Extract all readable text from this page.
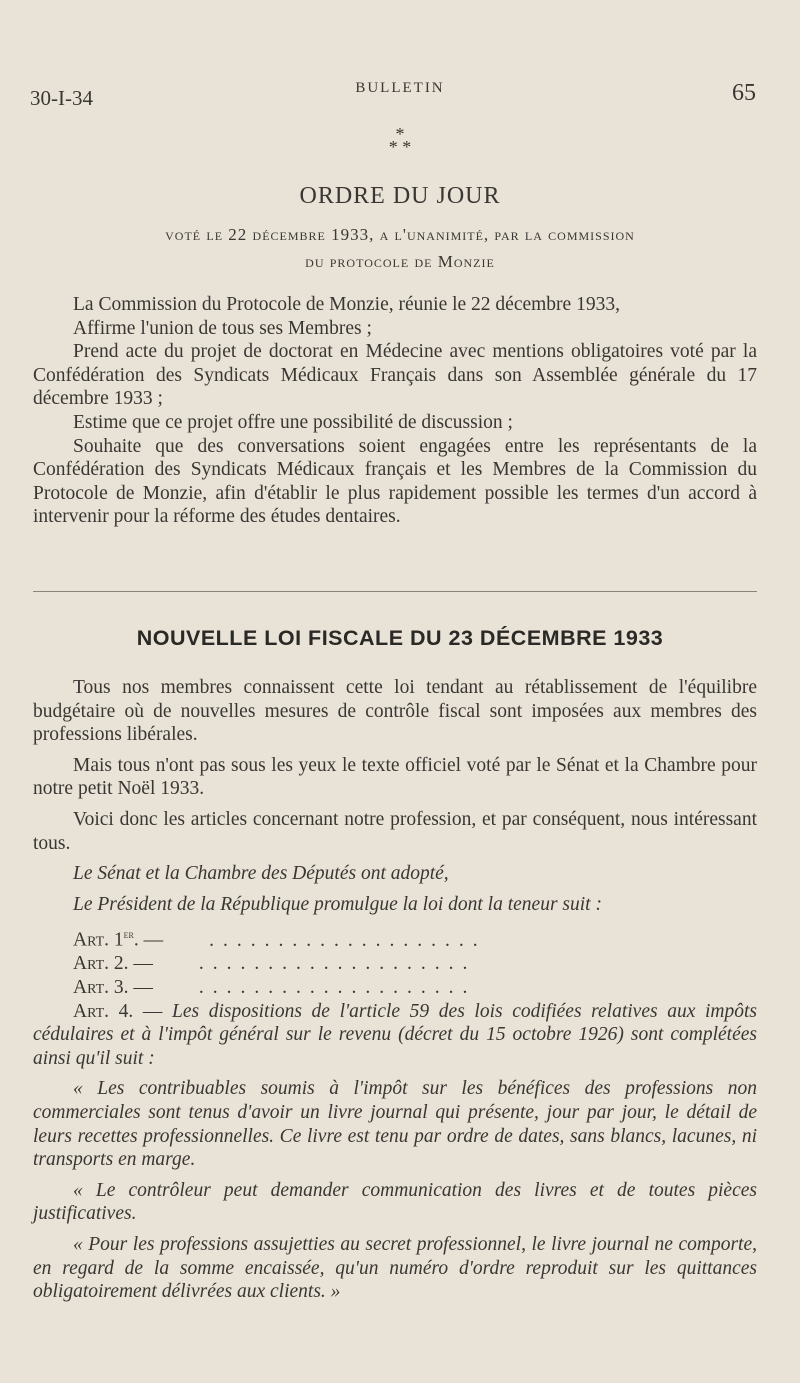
30-I-34	BULLETIN	65
*
* *
ORDRE DU JOUR
voté le 22 décembre 1933, a l'unanimité, par la commission
du protocole de Monzie

La Commission du Protocole de Monzie, réunie le 22 décembre 1933,

Affirme l'union de tous ses Membres ;

Prend acte du projet de doctorat en Médecine avec mentions obligatoires voté par la Confédération des Syndicats Médicaux Français dans son Assemblée générale du 17 décembre 1933 ;

Estime que ce projet offre une possibilité de discussion ;

Souhaite que des conversations soient engagées entre les représentants de la Confédération des Syndicats Médicaux français et les Membres de la Commission du Protocole de Monzie, afin d'établir le plus rapidement possible les termes d'un accord à intervenir pour la réforme des études dentaires.

NOUVELLE LOI FISCALE DU 23 DÉCEMBRE 1933

Tous nos membres connaissent cette loi tendant au rétablissement de l'équilibre budgétaire où de nouvelles mesures de contrôle fiscal sont imposées aux membres des professions libérales.

Mais tous n'ont pas sous les yeux le texte officiel voté par le Sénat et la Chambre pour notre petit Noël 1933.

Voici donc les articles concernant notre profession, et par conséquent, nous intéressant tous.

Le Sénat et la Chambre des Députés ont adopté,

Le Président de la République promulgue la loi dont la teneur suit :

Art. 1er. —	....................
Art. 2. —	....................
Art. 3. —	....................

Art. 4. — Les dispositions de l'article 59 des lois codifiées relatives aux impôts cédulaires et à l'impôt général sur le revenu (décret du 15 octobre 1926) sont complétées ainsi qu'il suit :

« Les contribuables soumis à l'impôt sur les bénéfices des professions non commerciales sont tenus d'avoir un livre journal qui présente, jour par jour, le détail de leurs recettes professionnelles. Ce livre est tenu par ordre de dates, sans blancs, lacunes, ni transports en marge.

« Le contrôleur peut demander communication des livres et de toutes pièces justificatives.

« Pour les professions assujetties au secret professionnel, le livre journal ne comporte, en regard de la somme encaissée, qu'un numéro d'ordre reproduit sur les quittances obligatoirement délivrées aux clients. »
